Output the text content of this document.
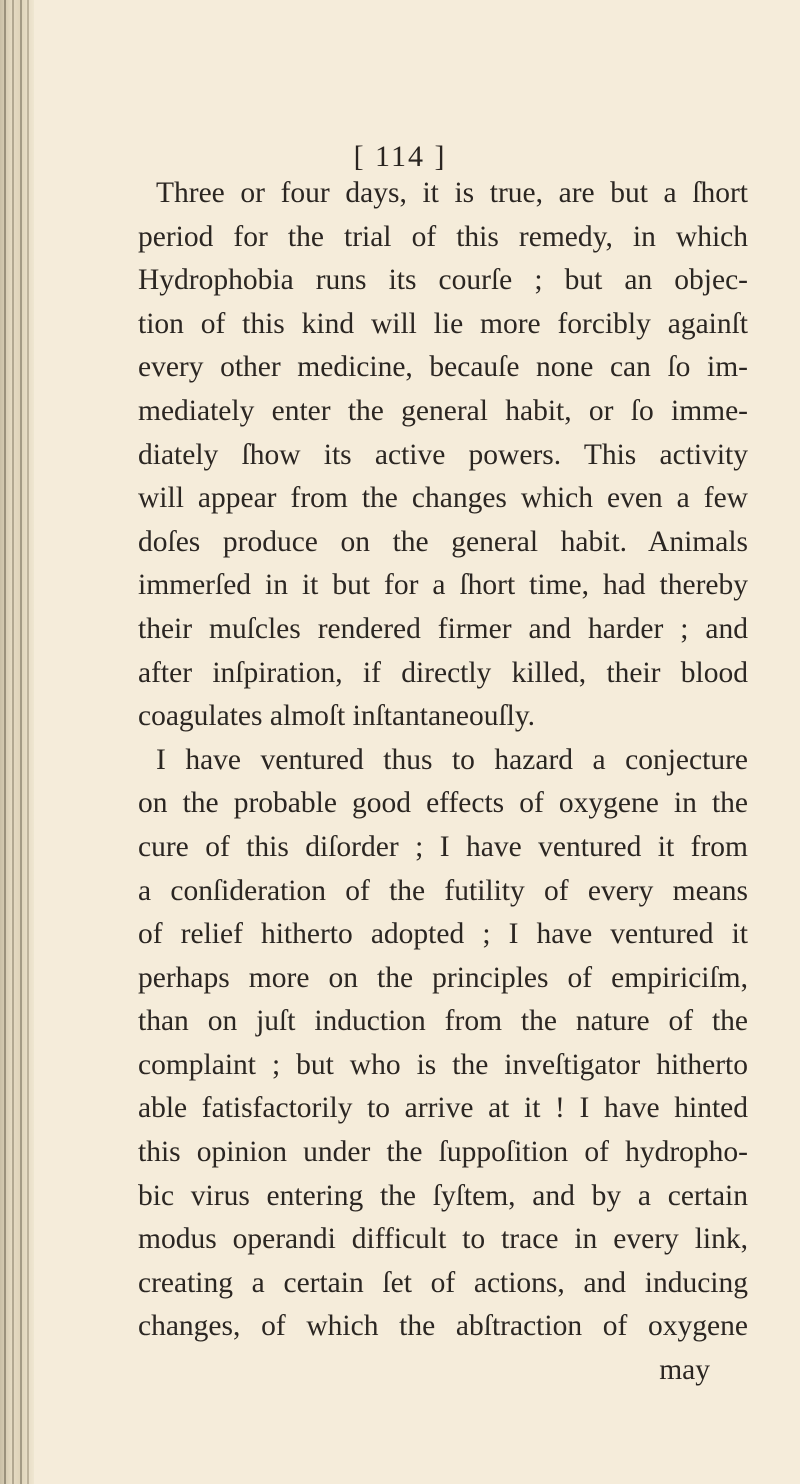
[ 114 ]
Three or four days, it is true, are but a ſhort
period for the trial of this remedy, in which
Hydrophobia runs its courſe ; but an objec-
tion of this kind will lie more forcibly againſt
every other medicine, becauſe none can ſo im-
mediately enter the general habit, or ſo imme-
diately ſhow its active powers. This activity
will appear from the changes which even a few
doſes produce on the general habit. Animals
immerſed in it but for a ſhort time, had thereby
their muſcles rendered firmer and harder ; and
after inſpiration, if directly killed, their blood
coagulates almoſt inſtantaneouſly.
I have ventured thus to hazard a conjecture
on the probable good effects of oxygene in the
cure of this diſorder ; I have ventured it from
a conſideration of the futility of every means
of relief hitherto adopted ; I have ventured it
perhaps more on the principles of empiriciſm,
than on juſt induction from the nature of the
complaint ; but who is the inveſtigator hitherto
able fatisfactorily to arrive at it ! I have hinted
this opinion under the ſuppoſition of hydropho-
bic virus entering the ſyſtem, and by a certain
modus operandi difficult to trace in every link,
creating a certain ſet of actions, and inducing
changes, of which the abſtraction of oxygene
may
